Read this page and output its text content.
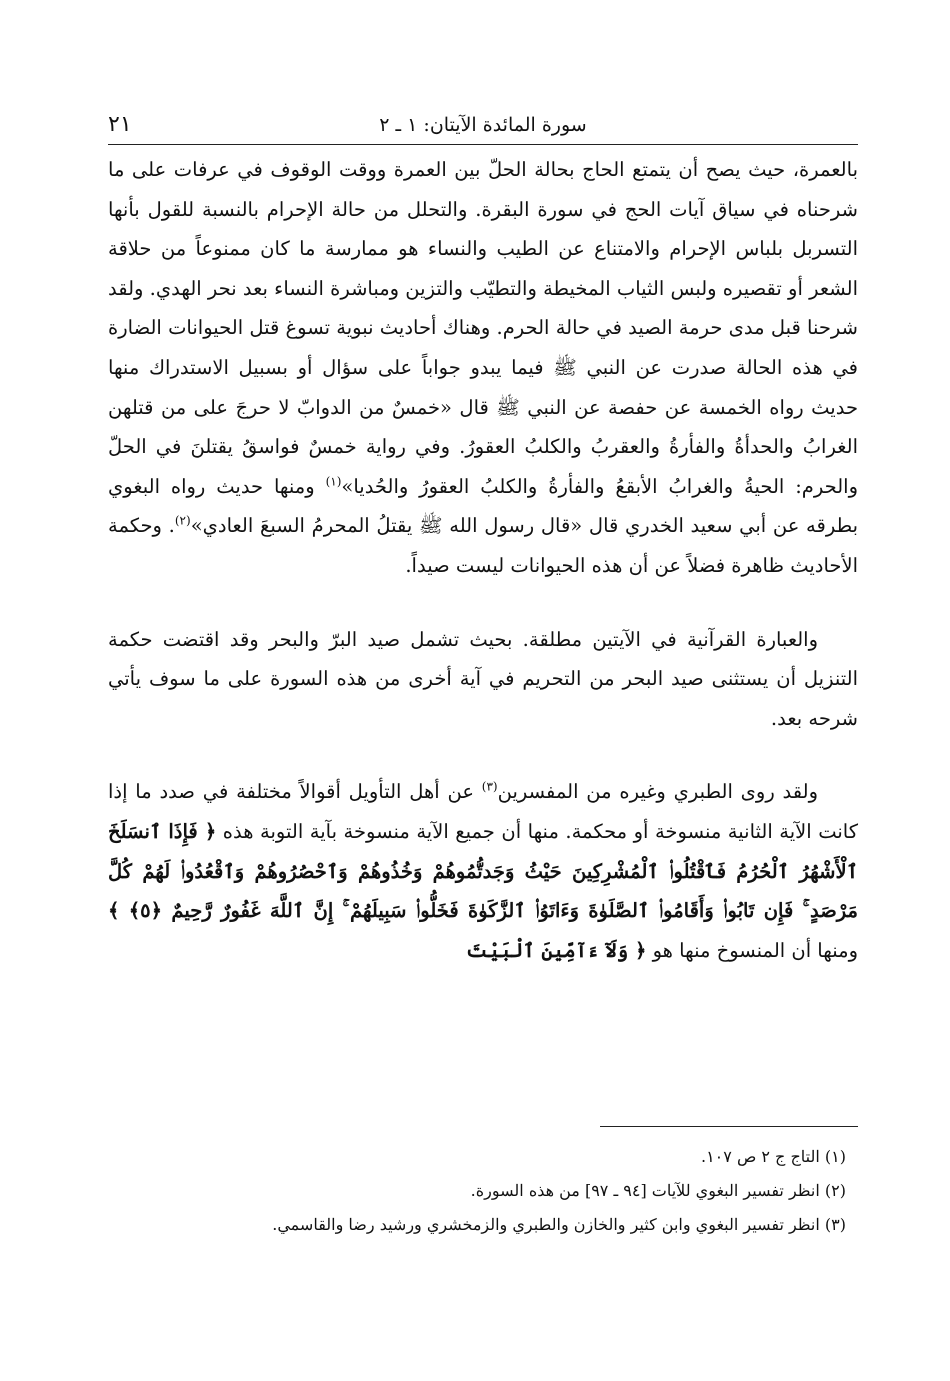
سورة المائدة الآيتان: ١ ـ ٢
٢١

بالعمرة، حيث يصح أن يتمتع الحاج بحالة الحلّ بين العمرة ووقت الوقوف في عرفات على ما شرحناه في سياق آيات الحج في سورة البقرة. والتحلل من حالة الإحرام بالنسبة للقول بأنها التسربل بلباس الإحرام والامتناع عن الطيب والنساء هو ممارسة ما كان ممنوعاً من حلاقة الشعر أو تقصيره ولبس الثياب المخيطة والتطيّب والتزين ومباشرة النساء بعد نحر الهدي. ولقد شرحنا قبل مدى حرمة الصيد في حالة الحرم. وهناك أحاديث نبوية تسوغ قتل الحيوانات الضارة في هذه الحالة صدرت عن النبي ﷺ فيما يبدو جواباً على سؤال أو بسبيل الاستدراك منها حديث رواه الخمسة عن حفصة عن النبي ﷺ قال «خمسٌ من الدوابّ لا حرجَ على من قتلهن الغرابُ والحدأةُ والفأرةُ والعقربُ والكلبُ العقورُ. وفي رواية خمسٌ فواسقُ يقتلنَ في الحلّ والحرم: الحيةُ والغرابُ الأبقعُ والفأرةُ والكلبُ العقورُ والحُديا»$^{(١)}$ ومنها حديث رواه البغوي بطرقه عن أبي سعيد الخدري قال «قال رسول الله ﷺ يقتلُ المحرمُ السبعَ العادي»$^{(٢)}$. وحكمة الأحاديث ظاهرة فضلاً عن أن هذه الحيوانات ليست صيداً.

والعبارة القرآنية في الآيتين مطلقة. بحيث تشمل صيد البرّ والبحر وقد اقتضت حكمة التنزيل أن يستثنى صيد البحر من التحريم في آية أخرى من هذه السورة على ما سوف يأتي شرحه بعد.

ولقد روى الطبري وغيره من المفسرين$^{(٣)}$ عن أهل التأويل أقوالاً مختلفة في صدد ما إذا كانت الآية الثانية منسوخة أو محكمة. منها أن جميع الآية منسوخة بآية التوبة هذه ﴿ فَإِذَا ٱنسَلَخَ ٱلْأَشْهُرُ ٱلْحُرُمُ فَٱقْتُلُوا۟ ٱلْمُشْرِكِينَ حَيْثُ وَجَدتُّمُوهُمْ وَخُذُوهُمْ وَٱحْصُرُوهُمْ وَٱقْعُدُوا۟ لَهُمْ كُلَّ مَرْصَدٍ ۚ فَإِن تَابُوا۟ وَأَقَامُوا۟ ٱلصَّلَوٰةَ وَءَاتَوُا۟ ٱلزَّكَوٰةَ فَخَلُّوا۟ سَبِيلَهُمْ ۚ إِنَّ ٱللَّهَ غَفُورٌ رَّحِيمٌ ﴿٥﴾ ﴾ ومنها أن المنسوخ منها هو ﴿ وَلَآ ءَآمِّينَ ٱلْبَيْتَ

(١) التاج ج ٢ ص ١٠٧.

(٢) انظر تفسير البغوي للآيات [٩٤ ـ ٩٧] من هذه السورة.

(٣) انظر تفسير البغوي وابن كثير والخازن والطبري والزمخشري ورشيد رضا والقاسمي.
